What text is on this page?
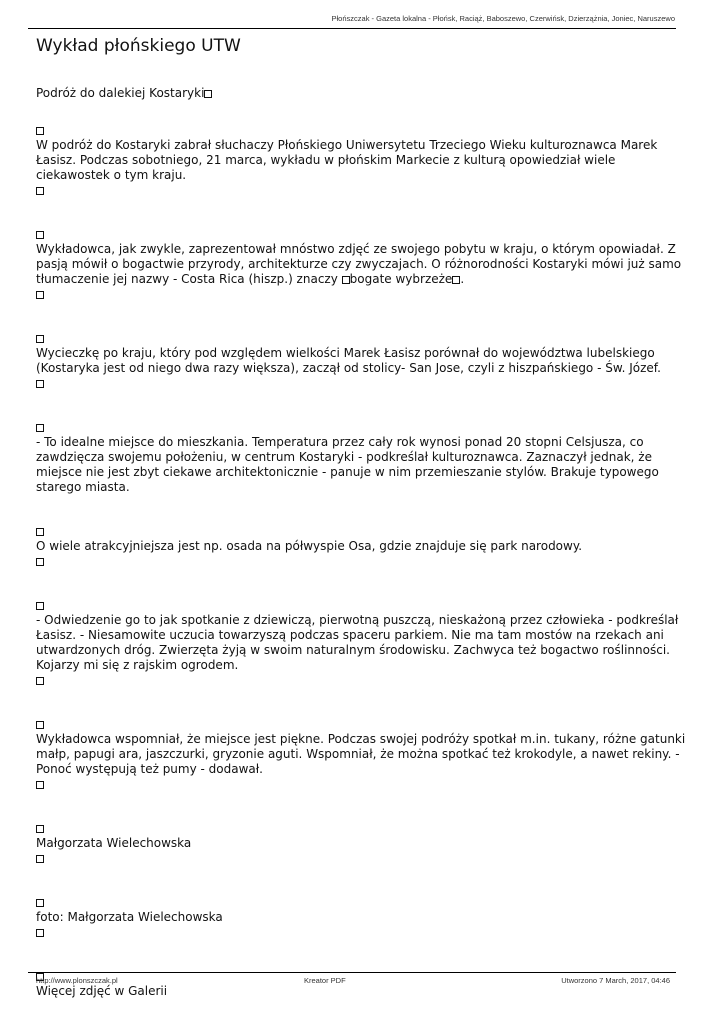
Płońszczak - Gazeta lokalna - Płońsk, Raciąż, Baboszewo, Czerwińsk, Dzierzążnia, Joniec, Naruszewo
Wykład płońskiego UTW

Podróż do dalekiej Kostaryki

W podróż do Kostaryki zabrał słuchaczy Płońskiego Uniwersytetu Trzeciego Wieku kulturoznawca Marek Łasisz. Podczas sobotniego, 21 marca, wykładu w płońskim Markecie z kulturą opowiedział wiele ciekawostek o tym kraju.

Wykładowca, jak zwykle, zaprezentował mnóstwo zdjęć ze swojego pobytu w kraju, o którym opowiadał. Z pasją mówił o bogactwie przyrody, architekturze czy zwyczajach. O różnorodności Kostaryki mówi już samo tłumaczenie jej nazwy - Costa Rica (hiszp.) znaczy bogate wybrzeże .

Wycieczkę po kraju, który pod względem wielkości Marek Łasisz porównał do województwa lubelskiego (Kostaryka jest od niego dwa razy większa), zaczął od stolicy- San Jose, czyli z hiszpańskiego - Św. Józef.

- To idealne miejsce do mieszkania. Temperatura przez cały rok wynosi ponad 20 stopni Celsjusza, co zawdzięcza swojemu położeniu, w centrum Kostaryki - podkreślał kulturoznawca. Zaznaczył jednak, że miejsce nie jest zbyt ciekawe architektonicznie - panuje w nim przemieszanie stylów. Brakuje typowego starego miasta.

O wiele atrakcyjniejsza jest np. osada na półwyspie Osa, gdzie znajduje się park narodowy.

- Odwiedzenie go to jak spotkanie z dziewiczą, pierwotną puszczą, nieskażoną przez człowieka - podkreślał Łasisz. - Niesamowite uczucia towarzyszą podczas spaceru parkiem. Nie ma tam mostów na rzekach ani utwardzonych dróg. Zwierzęta żyją w swoim naturalnym środowisku. Zachwyca też bogactwo roślinności. Kojarzy mi się z rajskim ogrodem.

Wykładowca wspomniał, że miejsce jest piękne. Podczas swojej podróży spotkał m.in. tukany, różne gatunki małp, papugi ara, jaszczurki, gryzonie aguti. Wspomniał, że można spotkać też krokodyle, a nawet rekiny. - Ponoć występują też pumy - dodawał.

Małgorzata Wielechowska

foto: Małgorzata Wielechowska

Więcej zdjęć w Galerii

http://www.plonszczak.pl	Kreator PDF	Utworzono 7 March, 2017, 04:46
